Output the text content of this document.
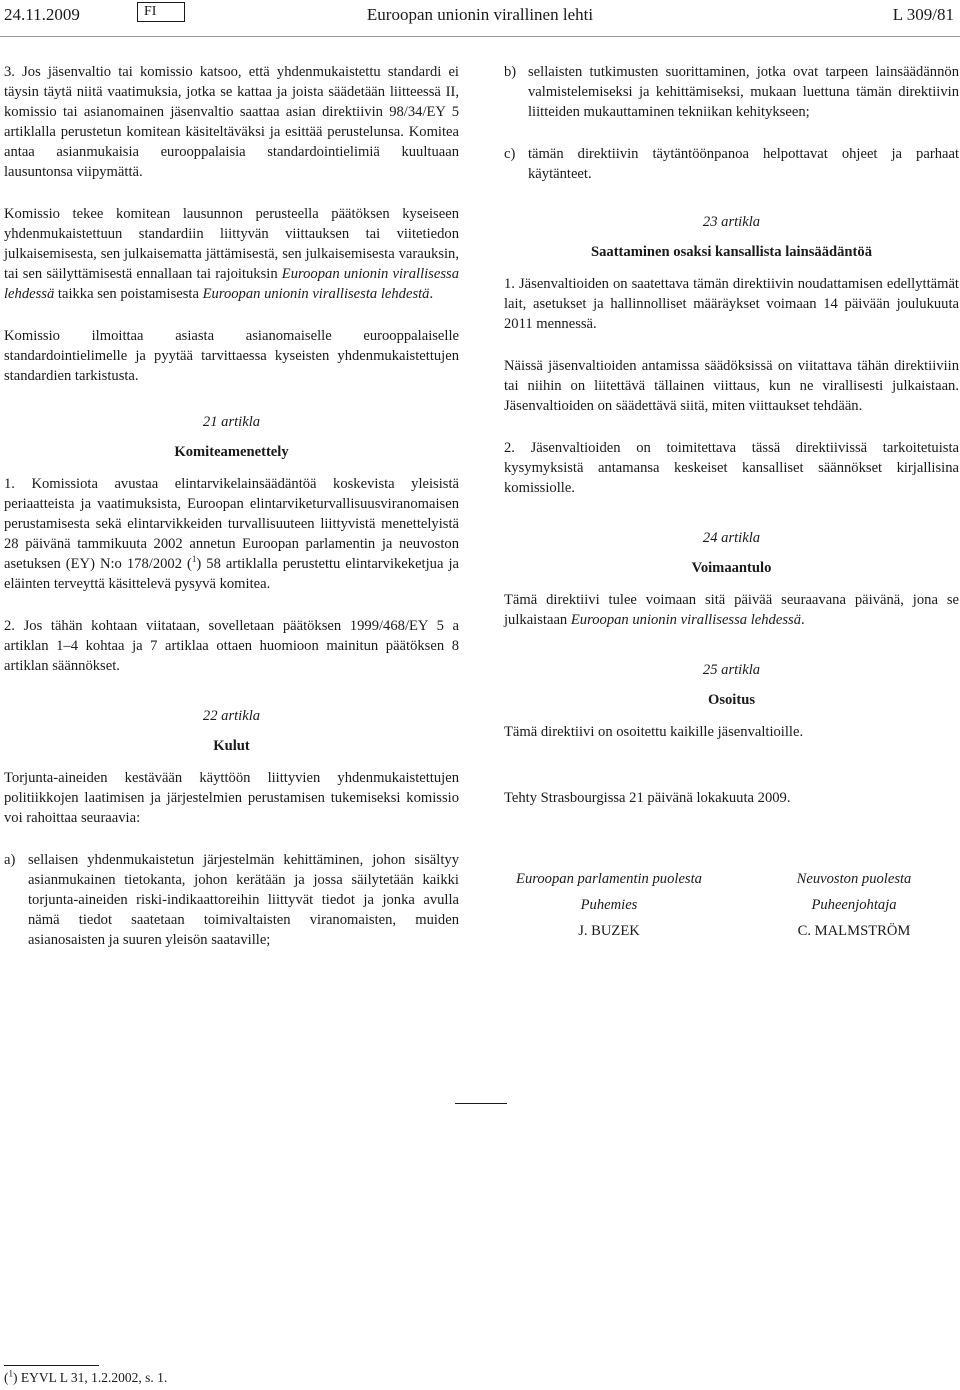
24.11.2009	FI	Euroopan unionin virallinen lehti	L 309/81

3. Jos jäsenvaltio tai komissio katsoo, että yhdenmukaistettu standardi ei täysin täytä niitä vaatimuksia, jotka se kattaa ja joista säädetään liitteessä II, komissio tai asianomainen jäsenvaltio saattaa asian direktiivin 98/34/EY 5 artiklalla perustetun komitean käsiteltäväksi ja esittää perustelunsa. Komitea antaa asianmukaisia eurooppalaisia standardointielimiä kuultuaan lausuntonsa viipymättä.

Komissio tekee komitean lausunnon perusteella päätöksen kyseiseen yhdenmukaistettuun standardiin liittyvän viittauksen tai viitetiedon julkaisemisesta, sen julkaisematta jättämisestä, sen julkaisemisesta varauksin, tai sen säilyttämisestä ennallaan tai rajoituksin Euroopan unionin virallisessa lehdessä taikka sen poistamisesta Euroopan unionin virallisesta lehdestä.

Komissio ilmoittaa asiasta asianomaiselle eurooppalaiselle standardointielimelle ja pyytää tarvittaessa kyseisten yhdenmukaistettujen standardien tarkistusta.

21 artikla
Komiteamenettely

1. Komissiota avustaa elintarvikelainsäädäntöä koskevista yleisistä periaatteista ja vaatimuksista, Euroopan elintarviketurvallisuusviranomaisen perustamisesta sekä elintarvikkeiden turvallisuuteen liittyvistä menettelyistä 28 päivänä tammikuuta 2002 annetun Euroopan parlamentin ja neuvoston asetuksen (EY) N:o 178/2002 ($^1$) 58 artiklalla perustettu elintarvikeketjua ja eläinten terveyttä käsittelevä pysyvä komitea.

2. Jos tähän kohtaan viitataan, sovelletaan päätöksen 1999/468/EY 5 a artiklan 1–4 kohtaa ja 7 artiklaa ottaen huomioon mainitun päätöksen 8 artiklan säännökset.

22 artikla
Kulut

Torjunta-aineiden kestävään käyttöön liittyvien yhdenmukaistettujen politiikkojen laatimisen ja järjestelmien perustamisen tukemiseksi komissio voi rahoittaa seuraavia:

a) sellaisen yhdenmukaistetun järjestelmän kehittäminen, johon sisältyy asianmukainen tietokanta, johon kerätään ja jossa säilytetään kaikki torjunta-aineiden riski-indikaattoreihin liittyvät tiedot ja jonka avulla nämä tiedot saatetaan toimivaltaisten viranomaisten, muiden asianosaisten ja suuren yleisön saataville;
b) sellaisten tutkimusten suorittaminen, jotka ovat tarpeen lainsäädännön valmistelemiseksi ja kehittämiseksi, mukaan luettuna tämän direktiivin liitteiden mukauttaminen tekniikan kehitykseen;
c) tämän direktiivin täytäntöönpanoa helpottavat ohjeet ja parhaat käytänteet.
23 artikla
Saattaminen osaksi kansallista lainsäädäntöä

1. Jäsenvaltioiden on saatettava tämän direktiivin noudattamisen edellyttämät lait, asetukset ja hallinnolliset määräykset voimaan 14 päivään joulukuuta 2011 mennessä.

Näissä jäsenvaltioiden antamissa säädöksissä on viitattava tähän direktiiviin tai niihin on liitettävä tällainen viittaus, kun ne virallisesti julkaistaan. Jäsenvaltioiden on säädettävä siitä, miten viittaukset tehdään.

2. Jäsenvaltioiden on toimitettava tässä direktiivissä tarkoitetuista kysymyksistä antamansa keskeiset kansalliset säännökset kirjallisina komissiolle.

24 artikla
Voimaantulo

Tämä direktiivi tulee voimaan sitä päivää seuraavana päivänä, jona se julkaistaan Euroopan unionin virallisessa lehdessä.

25 artikla
Osoitus

Tämä direktiivi on osoitettu kaikille jäsenvaltioille.

Tehty Strasbourgissa 21 päivänä lokakuuta 2009.

Euroopan parlamentin puolesta
Puhemies
J. BUZEK
Neuvoston puolesta
Puheenjohtaja
C. MALMSTRÖM
($^1$) EYVL L 31, 1.2.2002, s. 1.
